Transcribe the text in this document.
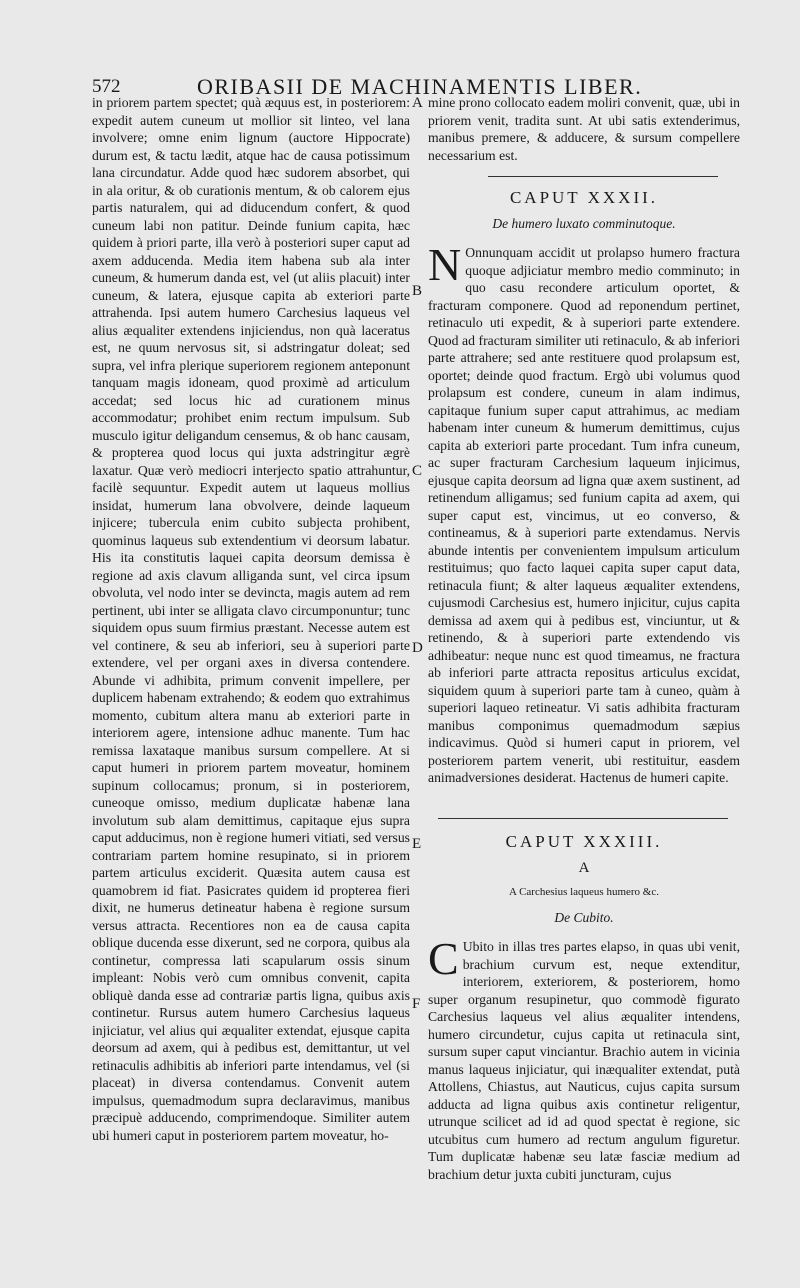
572	ORIBASII DE MACHINAMENTIS LIBER.

in priorem partem spectet; quà æquus est, in posteriorem: expedit autem cuneum ut mollior sit linteo, vel lana involvere; omne enim lignum (auctore Hippocrate) durum est, & tactu lædit, atque hac de causa potissimum lana circundatur. Adde quod hæc sudorem absorbet, qui in ala oritur, & ob curationis mentum, & ob calorem ejus partis naturalem, qui ad diducendum confert, & quod cuneum labi non patitur. Deinde funium capita, hæc quidem à priori parte, illa verò à posteriori super caput ad axem adducenda. Media item habena sub ala inter cuneum, & humerum danda est, vel (ut aliis placuit) inter cuneum, & latera, ejusque capita ab exteriori parte attrahenda. Ipsi autem humero Carchesius laqueus vel alius æqualiter extendens injiciendus, non quà laceratus est, ne quum nervosus sit, si adstringatur doleat; sed supra, vel infra plerique superiorem regionem anteponunt tanquam magis idoneam, quod proximè ad articulum accedat; sed locus hic ad curationem minus accommodatur; prohibet enim rectum impulsum. Sub musculo igitur deligandum censemus, & ob hanc causam, & propterea quod locus qui juxta adstringitur ægrè laxatur. Quæ verò mediocri interjecto spatio attrahuntur, facilè sequuntur. Expedit autem ut laqueus mollius insidat, humerum lana obvolvere, deinde laqueum injicere; tubercula enim cubito subjecta prohibent, quominus laqueus sub extendentium vi deorsum labatur. His ita constitutis laquei capita deorsum demissa è regione ad axis clavum alliganda sunt, vel circa ipsum obvoluta, vel nodo inter se devincta, magis autem ad rem pertinent, ubi inter se alligata clavo circumponuntur; tunc siquidem opus suum firmius præstant. Necesse autem est vel continere, & seu ab inferiori, seu à superiori parte extendere, vel per organi axes in diversa contendere. Abunde vi adhibita, primum convenit impellere, per duplicem habenam extrahendo; & eodem quo extrahimus momento, cubitum altera manu ab exteriori parte in interiorem agere, intensione adhuc manente. Tum hac remissa laxataque manibus sursum compellere. At si caput humeri in priorem partem moveatur, hominem supinum collocamus; pronum, si in posteriorem, cuneoque omisso, medium duplicatæ habenæ lana involutum sub alam demittimus, capitaque ejus supra caput adducimus, non è regione humeri vitiati, sed versus contrariam partem homine resupinato, si in priorem partem articulus exciderit. Quæsita autem causa est quamobrem id fiat. Pasicrates quidem id propterea fieri dixit, ne humerus detineatur habena è regione sursum versus attracta. Recentiores non ea de causa capita oblique ducenda esse dixerunt, sed ne corpora, quibus ala continetur, compressa lati scapularum ossis sinum impleant: Nobis verò cum omnibus convenit, capita obliquè danda esse ad contrariæ partis ligna, quibus axis continetur. Rursus autem humero Carchesius laqueus injiciatur, vel alius qui æqualiter extendat, ejusque capita deorsum ad axem, qui à pedibus est, demittantur, ut vel retinaculis adhibitis ab inferiori parte intendamus, vel (si placeat) in diversa contendamus. Convenit autem impulsus, quemadmodum supra declaravimus, manibus præcipuè adducendo, comprimendoque. Similiter autem ubi humeri caput in posteriorem partem moveatur, ho-

A
B
C
D
E
F

mine prono collocato eadem moliri convenit, quæ, ubi in priorem venit, tradita sunt. At ubi satis extenderimus, manibus premere, & adducere, & sursum compellere necessarium est.

CAPUT XXXII.
De humero luxato comminutoque.

N Onnunquam accidit ut prolapso humero fractura quoque adjiciatur membro medio comminuto; in quo casu recondere articulum oportet, & fracturam componere. Quod ad reponendum pertinet, retinaculo uti expedit, & à superiori parte extendere. Quod ad fracturam similiter uti retinaculo, & ab inferiori parte attrahere; sed ante restituere quod prolapsum est, oportet; deinde quod fractum. Ergò ubi volumus quod prolapsum est condere, cuneum in alam indimus, capitaque funium super caput attrahimus, ac mediam habenam inter cuneum & humerum demittimus, cujus capita ab exteriori parte procedant. Tum infra cuneum, ac super fracturam Carchesium laqueum injicimus, ejusque capita deorsum ad ligna quæ axem sustinent, ad retinendum alligamus; sed funium capita ad axem, qui super caput est, vincimus, ut eo converso, & contineamus, & à superiori parte extendamus. Nervis abunde intentis per convenientem impulsum articulum restituimus; quo facto laquei capita super caput data, retinacula fiunt; & alter laqueus æqualiter extendens, cujusmodi Carchesius est, humero injicitur, cujus capita demissa ad axem qui à pedibus est, vinciuntur, ut & retinendo, & à superiori parte extendendo vis adhibeatur: neque nunc est quod timeamus, ne fractura ab inferiori parte attracta repositus articulus excidat, siquidem quum à superiori parte tam à cuneo, quàm à superiori laqueo retineatur. Vi satis adhibita fracturam manibus componimus quemadmodum sæpius indicavimus. Quòd si humeri caput in priorem, vel posteriorem partem venerit, ubi restituitur, easdem animadversiones desiderat. Hactenus de humeri capite.

CAPUT XXXIII.
A
A Carchesius laqueus humero &c.
De Cubito.

C Ubito in illas tres partes elapso, in quas ubi venit, brachium curvum est, neque extenditur, interiorem, exteriorem, & posteriorem, homo super organum resupinetur, quo commodè figurato Carchesius laqueus vel alius æqualiter intendens, humero circundetur, cujus capita ut retinacula sint, sursum super caput vinciantur. Brachio autem in vicinia manus laqueus injiciatur, qui inæqualiter extendat, putà Attollens, Chiastus, aut Nauticus, cujus capita sursum adducta ad ligna quibus axis continetur religentur, utrunque scilicet ad id ad quod spectat è regione, sic utcubitus cum humero ad rectum angulum figuretur. Tum duplicatæ habenæ seu latæ fasciæ medium ad brachium detur juxta cubiti juncturam, cujus
